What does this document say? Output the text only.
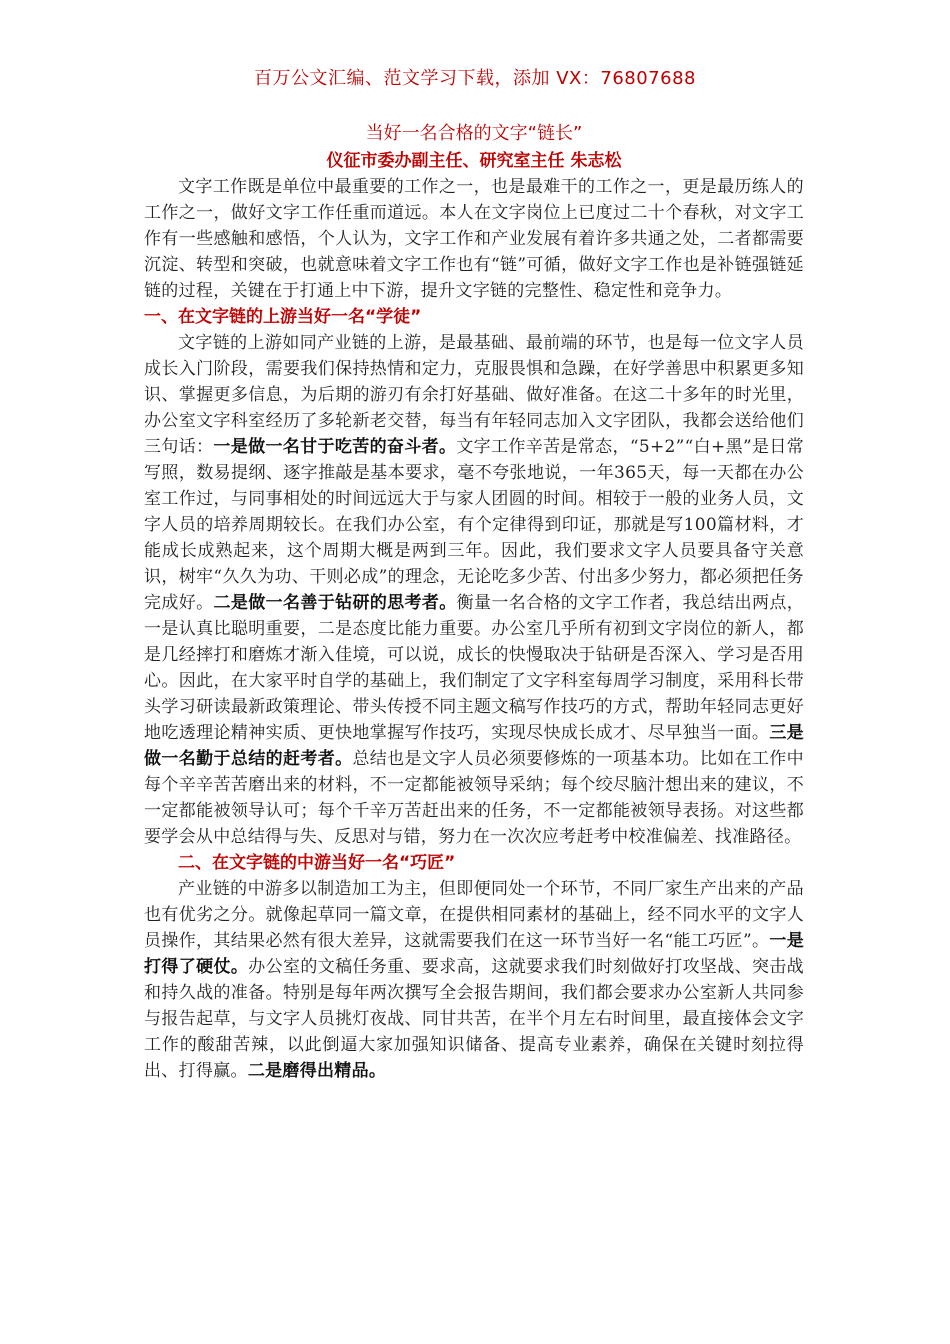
百万公文汇编、范文学习下载，添加 VX：76807688

当好一名合格的文字“链长”

仪征市委办副主任、研究室主任 朱志松

文字工作既是单位中最重要的工作之一，也是最难干的工作之一，更是最历练人的工作之一，做好文字工作任重而道远。本人在文字岗位上已度过二十个春秋，对文字工作有一些感触和感悟，个人认为，文字工作和产业发展有着许多共通之处，二者都需要沉淀、转型和突破，也就意味着文字工作也有“链”可循，做好文字工作也是补链强链延链的过程，关键在于打通上中下游，提升文字链的完整性、稳定性和竞争力。

一、在文字链的上游当好一名“学徒”

文字链的上游如同产业链的上游，是最基础、最前端的环节，也是每一位文字人员成长入门阶段，需要我们保持热情和定力，克服畏惧和急躁，在好学善思中积累更多知识、掌握更多信息，为后期的游刃有余打好基础、做好准备。在这二十多年的时光里，办公室文字科室经历了多轮新老交替，每当有年轻同志加入文字团队，我都会送给他们三句话：一是做一名甘于吃苦的奋斗者。文字工作辛苦是常态，“5+2”“白+黑”是日常写照，数易提纲、逐字推敲是基本要求，毫不夸张地说，一年365天，每一天都在办公室工作过，与同事相处的时间远远大于与家人团圆的时间。相较于一般的业务人员，文字人员的培养周期较长。在我们办公室，有个定律得到印证，那就是写100篇材料，才能成长成熟起来，这个周期大概是两到三年。因此，我们要求文字人员要具备守关意识，树牢“久久为功、干则必成”的理念，无论吃多少苦、付出多少努力，都必须把任务完成好。二是做一名善于钻研的思考者。衡量一名合格的文字工作者，我总结出两点，一是认真比聪明重要，二是态度比能力重要。办公室几乎所有初到文字岗位的新人，都是几经摔打和磨炼才渐入佳境，可以说，成长的快慢取决于钻研是否深入、学习是否用心。因此，在大家平时自学的基础上，我们制定了文字科室每周学习制度，采用科长带头学习研读最新政策理论、带头传授不同主题文稿写作技巧的方式，帮助年轻同志更好地吃透理论精神实质、更快地掌握写作技巧，实现尽快成长成才、尽早独当一面。三是做一名勤于总结的赶考者。总结也是文字人员必须要修炼的一项基本功。比如在工作中每个辛辛苦苦磨出来的材料，不一定都能被领导采纳；每个绞尽脑汁想出来的建议，不一定都能被领导认可；每个千辛万苦赶出来的任务，不一定都能被领导表扬。对这些都要学会从中总结得与失、反思对与错，努力在一次次应考赶考中校准偏差、找准路径。

二、在文字链的中游当好一名“巧匠”

产业链的中游多以制造加工为主，但即便同处一个环节，不同厂家生产出来的产品也有优劣之分。就像起草同一篇文章，在提供相同素材的基础上，经不同水平的文字人员操作，其结果必然有很大差异，这就需要我们在这一环节当好一名“能工巧匠”。一是打得了硬仗。办公室的文稿任务重、要求高，这就要求我们时刻做好打攻坚战、突击战和持久战的准备。特别是每年两次撰写全会报告期间，我们都会要求办公室新人共同参与报告起草，与文字人员挑灯夜战、同甘共苦，在半个月左右时间里，最直接体会文字工作的酸甜苦辣，以此倒逼大家加强知识储备、提高专业素养，确保在关键时刻拉得出、打得赢。二是磨得出精品。
